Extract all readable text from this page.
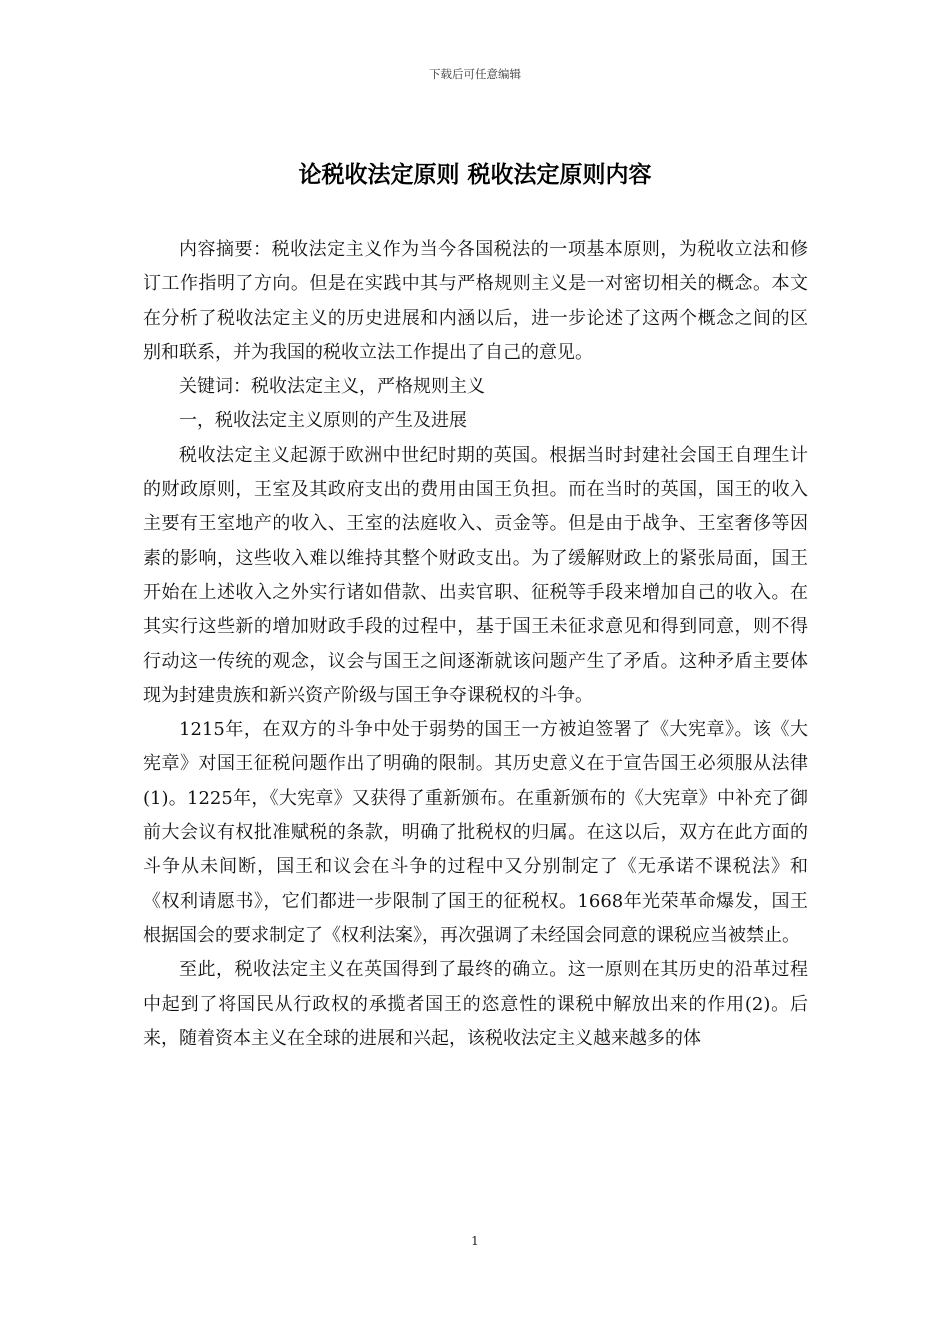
下载后可任意编辑
论税收法定原则 税收法定原则内容

内容摘要：税收法定主义作为当今各国税法的一项基本原则，为税收立法和修订工作指明了方向。但是在实践中其与严格规则主义是一对密切相关的概念。本文在分析了税收法定主义的历史进展和内涵以后，进一步论述了这两个概念之间的区别和联系，并为我国的税收立法工作提出了自己的意见。

关键词：税收法定主义，严格规则主义

一，税收法定主义原则的产生及进展

税收法定主义起源于欧洲中世纪时期的英国。根据当时封建社会国王自理生计的财政原则，王室及其政府支出的费用由国王负担。而在当时的英国，国王的收入主要有王室地产的收入、王室的法庭收入、贡金等。但是由于战争、王室奢侈等因素的影响，这些收入难以维持其整个财政支出。为了缓解财政上的紧张局面，国王开始在上述收入之外实行诸如借款、出卖官职、征税等手段来增加自己的收入。在其实行这些新的增加财政手段的过程中，基于国王未征求意见和得到同意，则不得行动这一传统的观念，议会与国王之间逐渐就该问题产生了矛盾。这种矛盾主要体现为封建贵族和新兴资产阶级与国王争夺课税权的斗争。

1215年，在双方的斗争中处于弱势的国王一方被迫签署了《大宪章》。该《大宪章》对国王征税问题作出了明确的限制。其历史意义在于宣告国王必须服从法律(1)。1225年，《大宪章》又获得了重新颁布。在重新颁布的《大宪章》中补充了御前大会议有权批准赋税的条款，明确了批税权的归属。在这以后，双方在此方面的斗争从未间断，国王和议会在斗争的过程中又分别制定了《无承诺不课税法》和《权利请愿书》，它们都进一步限制了国王的征税权。1668年光荣革命爆发，国王根据国会的要求制定了《权利法案》，再次强调了未经国会同意的课税应当被禁止。

至此，税收法定主义在英国得到了最终的确立。这一原则在其历史的沿革过程中起到了将国民从行政权的承揽者国王的恣意性的课税中解放出来的作用(2)。后来，随着资本主义在全球的进展和兴起，该税收法定主义越来越多的体

1
